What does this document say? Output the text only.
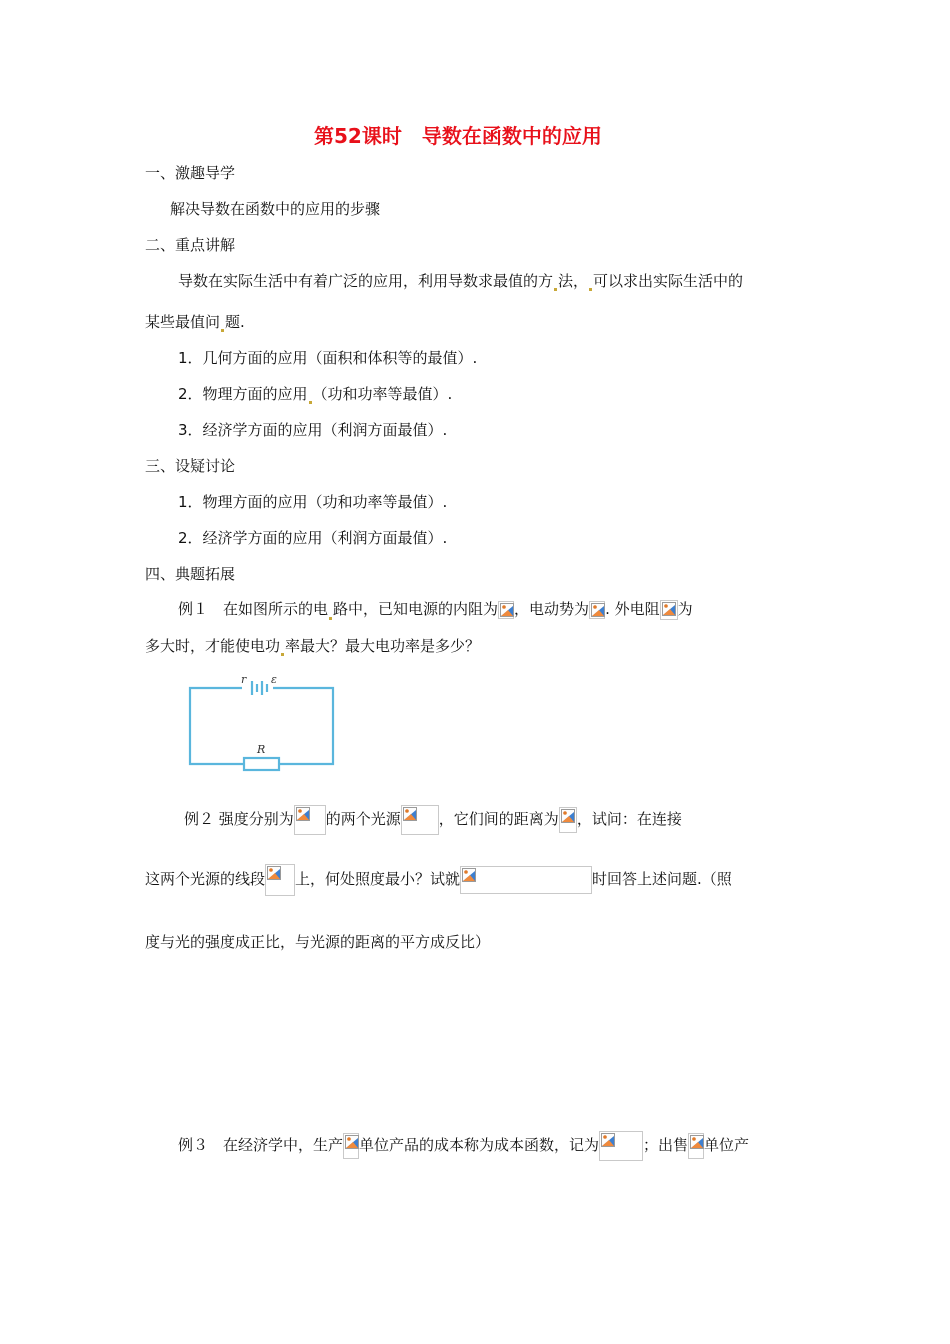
第52课时　导数在函数中的应用
一、激趣导学
解决导数在函数中的应用的步骤
二、重点讲解
导数在实际生活中有着广泛的应用，利用导数求最值的方 法， 可以求出实际生活中的
某些最值问 题.
1．几何方面的应用（面积和体积等的最值）.
2．物理方面的应用 （功和功率等最值）.
3．经济学方面的应用（利润方面最值）.
三、设疑讨论
1．物理方面的应用（功和功率等最值）.
2．经济学方面的应用（利润方面最值）.
四、典题拓展
例１　在如图所示的电 路中，已知电源的内阻为 ，电动势为 . 外电阻 为
多大时，才能使电功 率最大？最大电功率是多少？
r ε
R
例２ 强度分别为 的两个光源	，它们间的距离为 ，试问：在连接
这两个光源的线段 上，何处照度最小？试就	时回答上述问题.（照
度与光的强度成正比，与光源的距离的平方成反比）
例３　在经济学中，生产 单位产品的成本称为成本函数，记为	；出售 单位产
